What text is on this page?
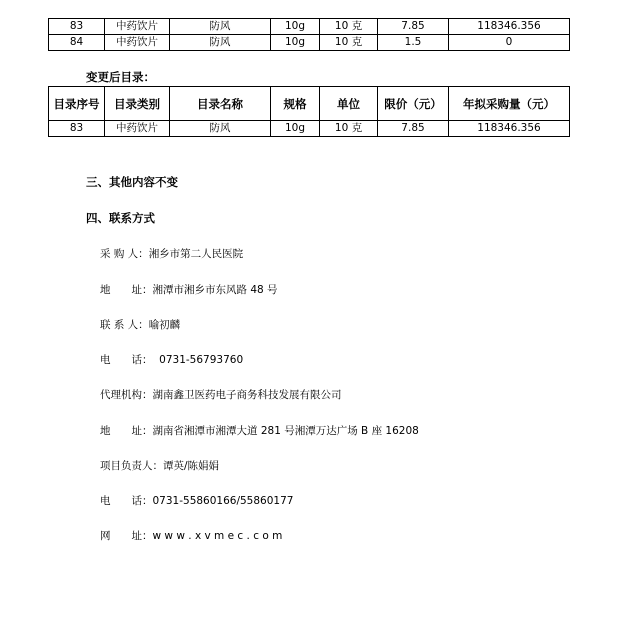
83	中药饮片	防风	10g	10 克	7.85	118346.356
84	中药饮片	防风	10g	10 克	1.5	0
变更后目录：
目录序号	目录类别	目录名称	规格	单位	限价（元）	年拟采购量（元）
83	中药饮片	防风	10g	10 克	7.85	118346.356
三、其他内容不变
四、联系方式
采 购 人：湘乡市第二人民医院
地　　址：湘潭市湘乡市东风路 48 号
联 系 人：喻初麟
电　　话：  0731-56793760
代理机构：湖南鑫卫医药电子商务科技发展有限公司
地　　址：湖南省湘潭市湘潭大道 281 号湘潭万达广场 B 座 16208
项目负责人：谭英/陈娟娟
电　　话：0731-55860166/55860177
网　　址：w w w . x v m e c . c o m
